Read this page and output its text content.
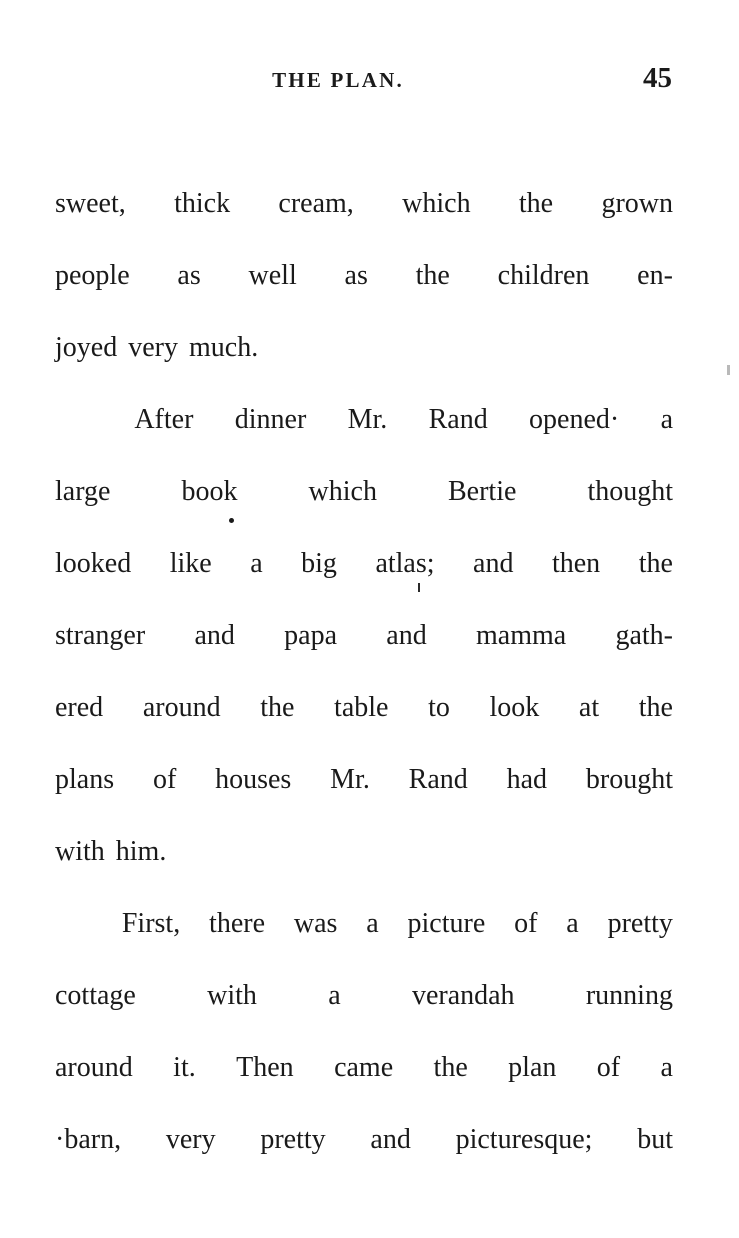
THE PLAN.	45
sweet, thick cream, which the grown
people as well as the children en-
joyed very much.
After dinner Mr. Rand opened· a
large	book	which	Bertie	thought
looked like a big atlas; and then the
stranger and papa and mamma gath-
ered around the table to look at the
plans of houses Mr. Rand had brought
with him.
First, there was a picture of a pretty
cottage	with	a	verandah	running
around it. Then came the plan of a
·barn, very pretty and picturesque; but
